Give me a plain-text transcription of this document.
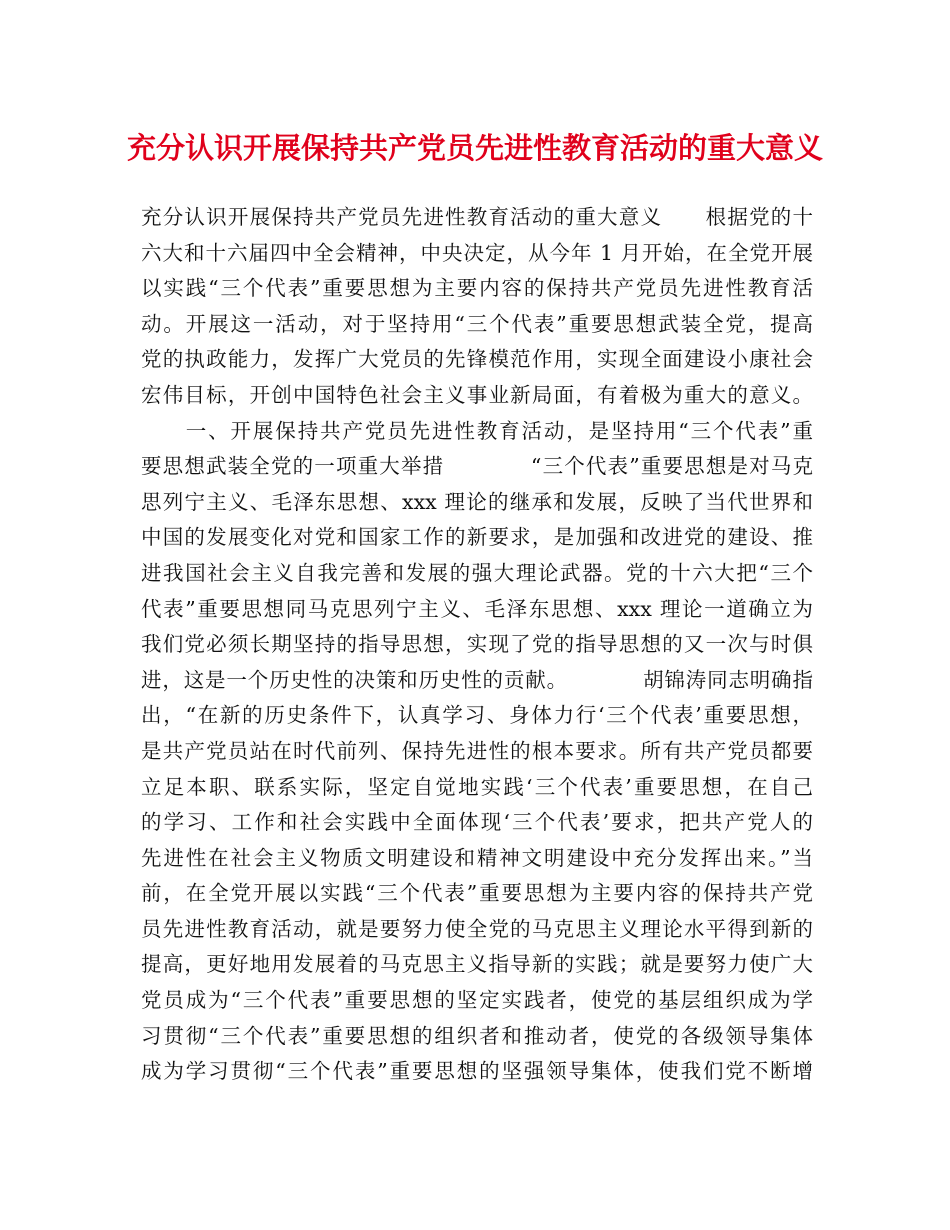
充分认识开展保持共产党员先进性教育活动的重大意义
充分认识开展保持共产党员先进性教育活动的重大意义　　根据党的十
六大和十六届四中全会精神，中央决定，从今年 1 月开始，在全党开展
以实践“三个代表”重要思想为主要内容的保持共产党员先进性教育活
动。开展这一活动，对于坚持用“三个代表”重要思想武装全党，提高
党的执政能力，发挥广大党员的先锋模范作用，实现全面建设小康社会
宏伟目标，开创中国特色社会主义事业新局面，有着极为重大的意义。
　　一、开展保持共产党员先进性教育活动，是坚持用“三个代表”重
要思想武装全党的一项重大举措　　　　“三个代表”重要思想是对马克
思列宁主义、毛泽东思想、xxx 理论的继承和发展，反映了当代世界和
中国的发展变化对党和国家工作的新要求，是加强和改进党的建设、推
进我国社会主义自我完善和发展的强大理论武器。党的十六大把“三个
代表”重要思想同马克思列宁主义、毛泽东思想、xxx 理论一道确立为
我们党必须长期坚持的指导思想，实现了党的指导思想的又一次与时俱
进，这是一个历史性的决策和历史性的贡献。　　　　胡锦涛同志明确指
出，“在新的历史条件下，认真学习、身体力行‘三个代表’重要思想，
是共产党员站在时代前列、保持先进性的根本要求。所有共产党员都要
立足本职、联系实际，坚定自觉地实践‘三个代表’重要思想，在自己
的学习、工作和社会实践中全面体现‘三个代表’要求，把共产党人的
先进性在社会主义物质文明建设和精神文明建设中充分发挥出来。”当
前，在全党开展以实践“三个代表”重要思想为主要内容的保持共产党
员先进性教育活动，就是要努力使全党的马克思主义理论水平得到新的
提高，更好地用发展着的马克思主义指导新的实践；就是要努力使广大
党员成为“三个代表”重要思想的坚定实践者，使党的基层组织成为学
习贯彻“三个代表”重要思想的组织者和推动者，使党的各级领导集体
成为学习贯彻“三个代表”重要思想的坚强领导集体，使我们党不断增
